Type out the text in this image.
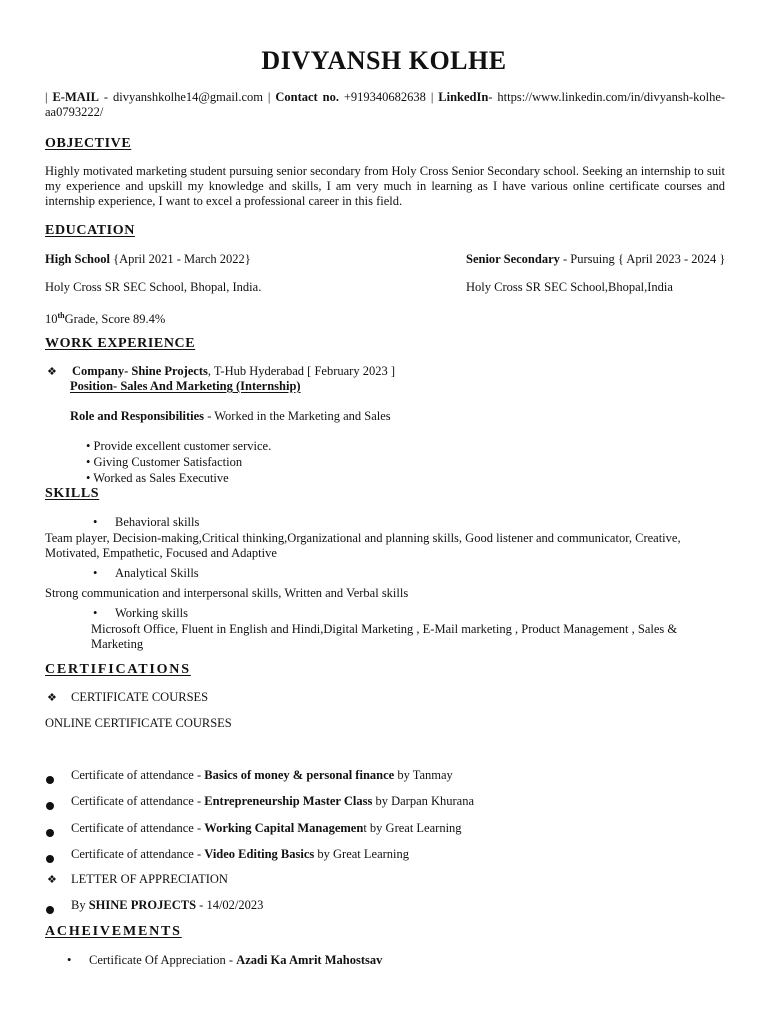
DIVYANSH KOLHE
| E-MAIL - divyanshkolhe14@gmail.com | Contact no. +919340682638 | LinkedIn- https://www.linkedin.com/in/divyansh-kolhe-aa0793222/
OBJECTIVE
Highly motivated marketing student pursuing senior secondary from Holy Cross Senior Secondary school. Seeking an internship to suit my experience and upskill my knowledge and skills, I am very much in learning as I have various online certificate courses and internship experience, I want to excel a professional career in this field.
EDUCATION
High School {April 2021 - March 2022}	Senior Secondary - Pursuing { April 2023 - 2024 }
Holy Cross SR SEC School, Bhopal, India.	Holy Cross SR SEC School,Bhopal,India
10thGrade, Score 89.4%
WORK EXPERIENCE
❖ Company- Shine Projects, T-Hub Hyderabad [ February 2023 ]
Position- Sales And Marketing (Internship)
Role and Responsibilities - Worked in the Marketing and Sales
• Provide excellent customer service.
• Giving Customer Satisfaction
• Worked as Sales Executive
SKILLS
• Behavioral skills
Team player, Decision-making,Critical thinking,Organizational and planning skills, Good listener and communicator, Creative, Motivated, Empathetic, Focused and Adaptive
• Analytical Skills
Strong communication and interpersonal skills, Written and Verbal skills
• Working skills
Microsoft Office, Fluent in English and Hindi,Digital Marketing , E-Mail marketing , Product Management , Sales & Marketing
CERTIFICATIONS
❖ CERTIFICATE COURSES
ONLINE CERTIFICATE COURSES
Certificate of attendance - Basics of money & personal finance by Tanmay
Certificate of attendance - Entrepreneurship Master Class by Darpan Khurana
Certificate of attendance - Working Capital Management by Great Learning
Certificate of attendance - Video Editing Basics by Great Learning
❖ LETTER OF APPRECIATION
By SHINE PROJECTS - 14/02/2023
ACHEIVEMENTS
• Certificate Of Appreciation - Azadi Ka Amrit Mahostsav
